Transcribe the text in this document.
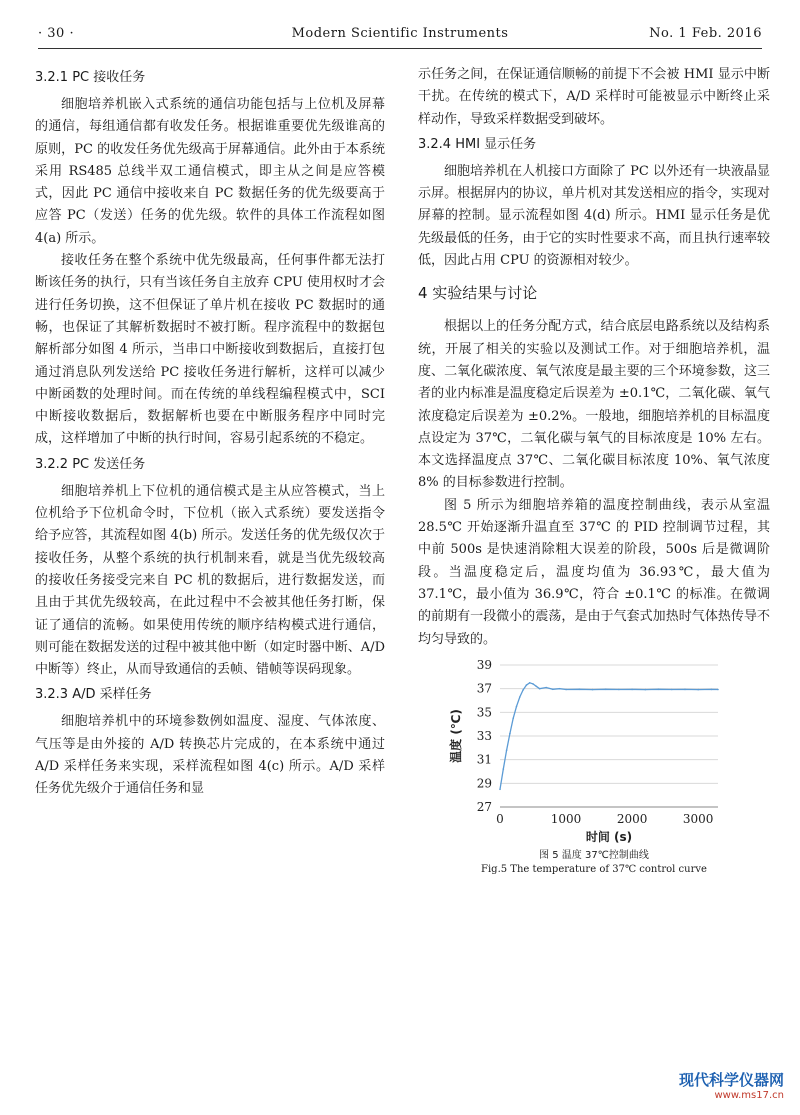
· 30 ·	Modern Scientific Instruments	No. 1 Feb. 2016
3.2.1 PC 接收任务

细胞培养机嵌入式系统的通信功能包括与上位机及屏幕的通信，每组通信都有收发任务。根据谁重要优先级谁高的原则，PC 的收发任务优先级高于屏幕通信。此外由于本系统采用 RS485 总线半双工通信模式，即主从之间是应答模式，因此 PC 通信中接收来自 PC 数据任务的优先级要高于应答 PC（发送）任务的优先级。软件的具体工作流程如图 4(a) 所示。

接收任务在整个系统中优先级最高，任何事件都无法打断该任务的执行，只有当该任务自主放弃 CPU 使用权时才会进行任务切换，这不但保证了单片机在接收 PC 数据时的通畅，也保证了其解析数据时不被打断。程序流程中的数据包解析部分如图 4 所示，当串口中断接收到数据后，直接打包通过消息队列发送给 PC 接收任务进行解析，这样可以减少中断函数的处理时间。而在传统的单线程编程模式中，SCI 中断接收数据后，数据解析也要在中断服务程序中同时完成，这样增加了中断的执行时间，容易引起系统的不稳定。

3.2.2 PC 发送任务

细胞培养机上下位机的通信模式是主从应答模式，当上位机给予下位机命令时，下位机（嵌入式系统）要发送指令给予应答，其流程如图 4(b) 所示。发送任务的优先级仅次于接收任务，从整个系统的执行机制来看，就是当优先级较高的接收任务接受完来自 PC 机的数据后，进行数据发送，而且由于其优先级较高，在此过程中不会被其他任务打断，保证了通信的流畅。如果使用传统的顺序结构模式进行通信，则可能在数据发送的过程中被其他中断（如定时器中断、A/D 中断等）终止，从而导致通信的丢帧、错帧等误码现象。

3.2.3 A/D 采样任务

细胞培养机中的环境参数例如温度、湿度、气体浓度、气压等是由外接的 A/D 转换芯片完成的，在本系统中通过 A/D 采样任务来实现，采样流程如图 4(c) 所示。A/D 采样任务优先级介于通信任务和显

示任务之间，在保证通信顺畅的前提下不会被 HMI 显示中断干扰。在传统的模式下，A/D 采样时可能被显示中断终止采样动作，导致采样数据受到破坏。

3.2.4 HMI 显示任务

细胞培养机在人机接口方面除了 PC 以外还有一块液晶显示屏。根据屏内的协议，单片机对其发送相应的指令，实现对屏幕的控制。显示流程如图 4(d) 所示。HMI 显示任务是优先级最低的任务，由于它的实时性要求不高，而且执行速率较低，因此占用 CPU 的资源相对较少。

4 实验结果与讨论

根据以上的任务分配方式，结合底层电路系统以及结构系统，开展了相关的实验以及测试工作。对于细胞培养机，温度、二氧化碳浓度、氧气浓度是最主要的三个环境参数，这三者的业内标准是温度稳定后误差为 ±0.1℃，二氧化碳、氧气浓度稳定后误差为 ±0.2%。一般地，细胞培养机的目标温度点设定为 37℃，二氧化碳与氧气的目标浓度是 10% 左右。本文选择温度点 37℃、二氧化碳目标浓度 10%、氧气浓度 8% 的目标参数进行控制。

图 5 所示为细胞培养箱的温度控制曲线，表示从室温 28.5℃ 开始逐渐升温直至 37℃ 的 PID 控制调节过程，其中前 500s 是快速消除粗大误差的阶段，500s 后是微调阶段。当温度稳定后，温度均值为 36.93℃，最大值为 37.1℃，最小值为 36.9℃，符合 ±0.1℃ 的标准。在微调的前期有一段微小的震荡，是由于气套式加热时气体热传导不均匀导致的。

27
29
31
33
35
37
39
0	1000	2000	3000
时间 (s)
温度 (℃)
图 5 温度 37℃控制曲线
Fig.5 The temperature of 37℃ control curve
现代科学仪器网
www.ms17.cn
